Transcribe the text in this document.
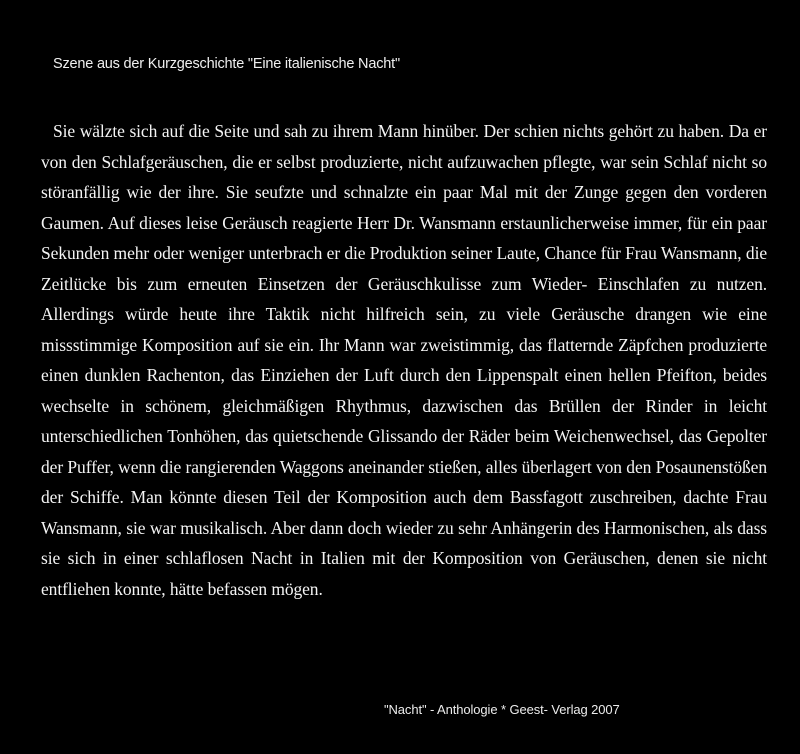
Szene aus der Kurzgeschichte "Eine italienische Nacht"

Sie wälzte sich auf die Seite und sah zu ihrem Mann hinüber. Der schien nichts gehört zu haben. Da er von den Schlafgeräuschen, die er selbst produzierte, nicht aufzuwachen pflegte, war sein Schlaf nicht so störanfällig wie der ihre. Sie seufzte und schnalzte ein paar Mal mit der Zunge gegen den vorderen Gaumen. Auf dieses leise Geräusch reagierte Herr Dr. Wansmann erstaunlicherweise immer, für ein paar Sekunden mehr oder weniger unterbrach er die Produktion seiner Laute, Chance für Frau Wansmann, die Zeitlücke bis zum erneuten Einsetzen der Geräuschkulisse zum Wieder- Einschlafen zu nutzen. Allerdings würde heute ihre Taktik nicht hilfreich sein, zu viele Geräusche drangen wie eine missstimmige Komposition auf sie ein. Ihr Mann war zweistimmig, das flatternde Zäpfchen produzierte einen dunklen Rachenton, das Einziehen der Luft durch den Lippenspalt einen hellen Pfeifton, beides wechselte in schönem, gleichmäßigen Rhythmus, dazwischen das Brüllen der Rinder in leicht unterschiedlichen Tonhöhen, das quietschende Glissando der Räder beim Weichenwechsel, das Gepolter der Puffer, wenn die rangierenden Waggons aneinander stießen, alles überlagert von den Posaunenstößen der Schiffe. Man könnte diesen Teil der Komposition auch dem Bassfagott zuschreiben, dachte Frau Wansmann, sie war musikalisch. Aber dann doch wieder zu sehr Anhängerin des Harmonischen, als dass sie sich in einer schlaflosen Nacht in Italien mit der Komposition von Geräuschen, denen sie nicht entfliehen konnte, hätte befassen mögen.

"Nacht" - Anthologie * Geest- Verlag 2007
